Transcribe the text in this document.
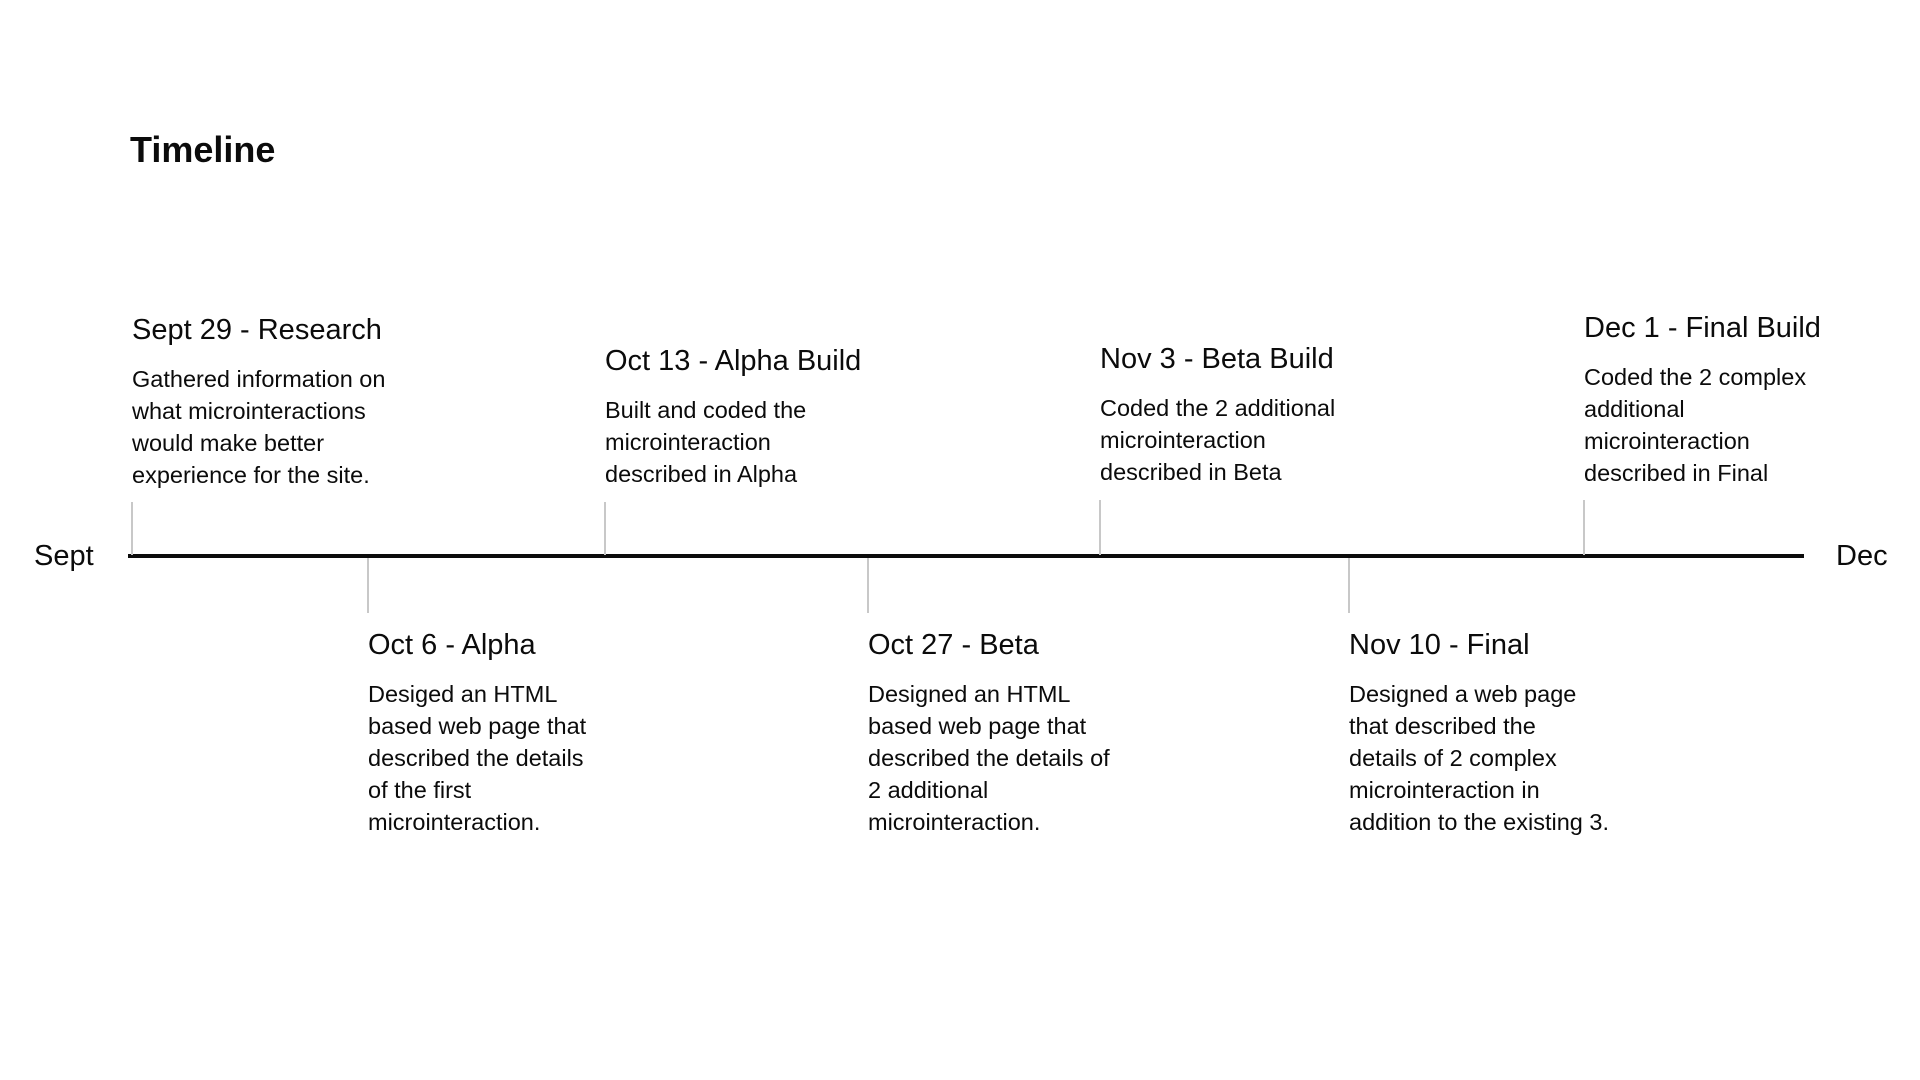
Timeline
Sept	Dec
Sept 29 - Research
Gathered information on
what microinteractions
would make better
experience for the site.
Oct 6 - Alpha
Desiged an HTML
based web page that
described the details
of the first
microinteraction.
Oct 13 - Alpha Build
Built and coded the
microinteraction
described in Alpha
Oct 27 - Beta
Designed an HTML
based web page that
described the details of
2 additional
microinteraction.
Nov 3 - Beta Build
Coded the 2 additional
microinteraction
described in Beta
Nov 10 - Final
Designed a web page
that described the
details of 2 complex
microinteraction in
addition to the existing 3.
Dec 1 - Final Build
Coded the 2 complex
additional
microinteraction
described in Final
